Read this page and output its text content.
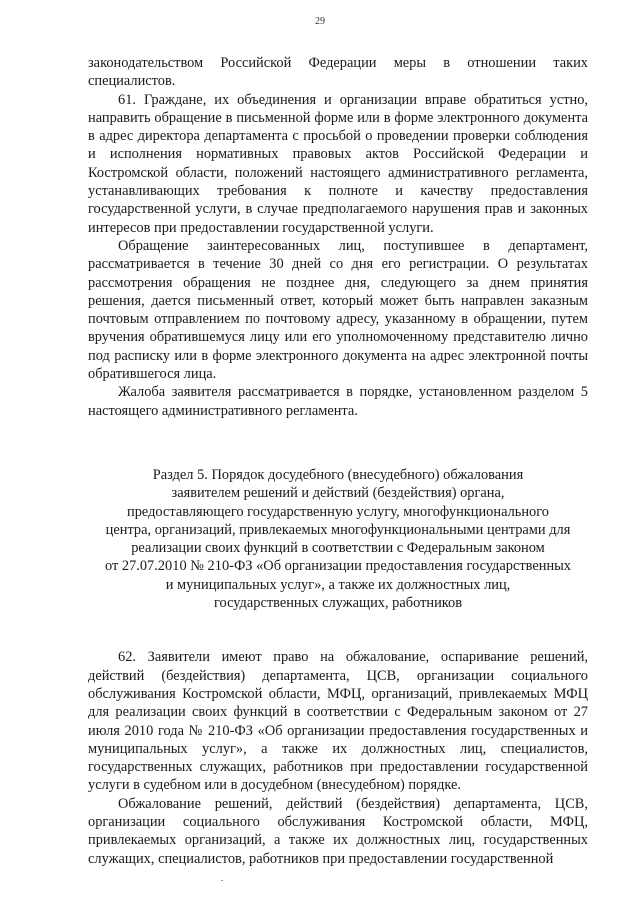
29

законодательством Российской Федерации меры в отношении таких специалистов.

61. Граждане, их объединения и организации вправе обратиться устно, направить обращение в письменной форме или в форме электронного документа в адрес директора департамента с просьбой о проведении проверки соблюдения и исполнения нормативных правовых актов Российской Федерации и Костромской области, положений настоящего административного регламента, устанавливающих требования к полноте и качеству предоставления государственной услуги, в случае предполагаемого нарушения прав и законных интересов при предоставлении государственной услуги.

Обращение заинтересованных лиц, поступившее в департамент, рассматривается в течение 30 дней со дня его регистрации. О результатах рассмотрения обращения не позднее дня, следующего за днем принятия решения, дается письменный ответ, который может быть направлен заказным почтовым отправлением по почтовому адресу, указанному в обращении, путем вручения обратившемуся лицу или его уполномоченному представителю лично под расписку или в форме электронного документа на адрес электронной почты обратившегося лица.

Жалоба заявителя рассматривается в порядке, установленном разделом 5 настоящего административного регламента.

Раздел 5. Порядок досудебного (внесудебного) обжалования
заявителем решений и действий (бездействия) органа,
предоставляющего государственную услугу, многофункционального
центра, организаций, привлекаемых многофункциональными центрами для
реализации своих функций в соответствии с Федеральным законом
от 27.07.2010 № 210-ФЗ «Об организации предоставления государственных
и муниципальных услуг», а также их должностных лиц,
государственных служащих, работников

62. Заявители имеют право на обжалование, оспаривание решений, действий (бездействия) департамента, ЦСВ, организации социального обслуживания Костромской области, МФЦ, организаций, привлекаемых МФЦ для реализации своих функций в соответствии с Федеральным законом от 27 июля 2010 года № 210-ФЗ «Об организации предоставления государственных и муниципальных услуг», а также их должностных лиц, специалистов, государственных служащих, работников при предоставлении государственной услуги в судебном или в досудебном (внесудебном) порядке.

Обжалование решений, действий (бездействия) департамента, ЦСВ, организации социального обслуживания Костромской области, МФЦ, привлекаемых организаций, а также их должностных лиц, государственных служащих, специалистов, работников при предоставлении государственной
